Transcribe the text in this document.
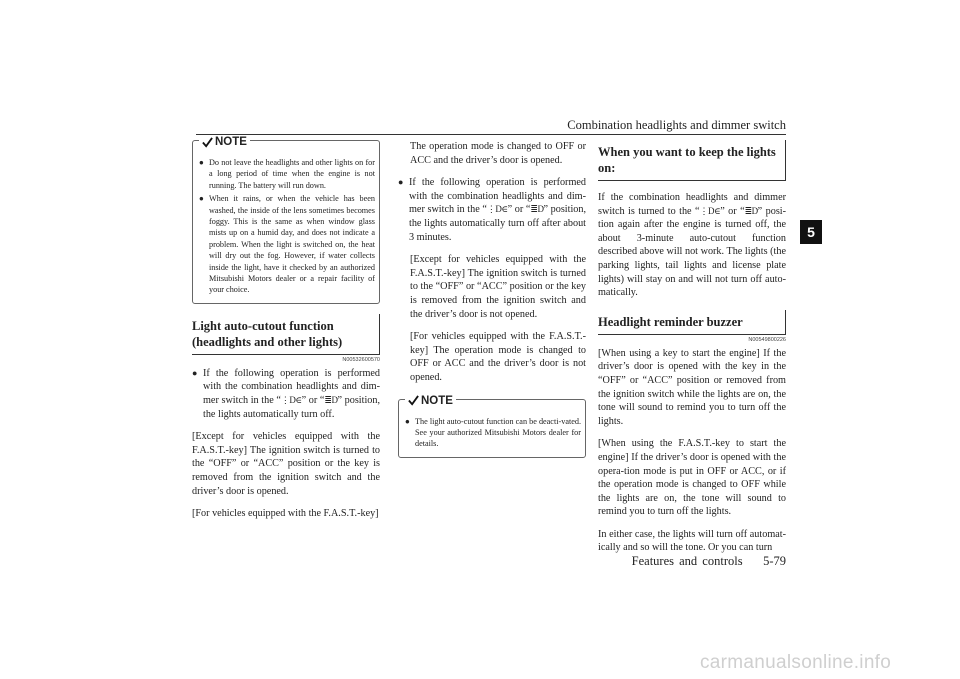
Combination headlights and dimmer switch
5
NOTE

● Do not leave the headlights and other lights on for a long period of time when the engine is not running. The battery will run down.

● When it rains, or when the vehicle has been washed, the inside of the lens sometimes becomes foggy. This is the same as when window glass mists up on a humid day, and does not indicate a problem. When the light is switched on, the heat will dry out the fog. However, if water collects inside the light, have it checked by an authorized Mitsubishi Motors dealer or a repair facility of your choice.

Light auto-cutout function (headlights and other lights)
N00532600570

● If the following operation is performed with the combination headlights and dim-mer switch in the “⋮D∈” or “≣D” position, the lights automatically turn off.

[Except for vehicles equipped with the F.A.S.T.-key] The ignition switch is turned to the “OFF” or “ACC” position or the key is removed from the ignition switch and the driver’s door is opened.

[For vehicles equipped with the F.A.S.T.-key]

The operation mode is changed to OFF or ACC and the driver’s door is opened.

● If the following operation is performed with the combination headlights and dim-mer switch in the “⋮D∈” or “≣D” position, the lights automatically turn off after about 3 minutes.

[Except for vehicles equipped with the F.A.S.T.-key] The ignition switch is turned to the “OFF” or “ACC” position or the key is removed from the ignition switch and the driver’s door is not opened.

[For vehicles equipped with the F.A.S.T.-key] The operation mode is changed to OFF or ACC and the driver’s door is not opened.

NOTE

● The light auto-cutout function can be deacti-vated. See your authorized Mitsubishi Motors dealer for details.

When you want to keep the lights on:

If the combination headlights and dimmer switch is turned to the “⋮D∈” or “≣D” posi-tion again after the engine is turned off, the about 3-minute auto-cutout function described above will not work. The lights (the parking lights, tail lights and license plate lights) will stay on and will not turn off auto-matically.

Headlight reminder buzzer
N00549800226

[When using a key to start the engine] If the driver’s door is opened with the key in the “OFF” or “ACC” position or removed from the ignition switch while the lights are on, the tone will sound to remind you to turn off the lights.

[When using the F.A.S.T.-key to start the engine] If the driver’s door is opened with the opera-tion mode is put in OFF or ACC, or if the operation mode is changed to OFF while the lights are on, the tone will sound to remind you to turn off the lights.

In either case, the lights will turn off automat-ically and so will the tone. Or you can turn

Features and controls 5-79
carmanualsonline.info
